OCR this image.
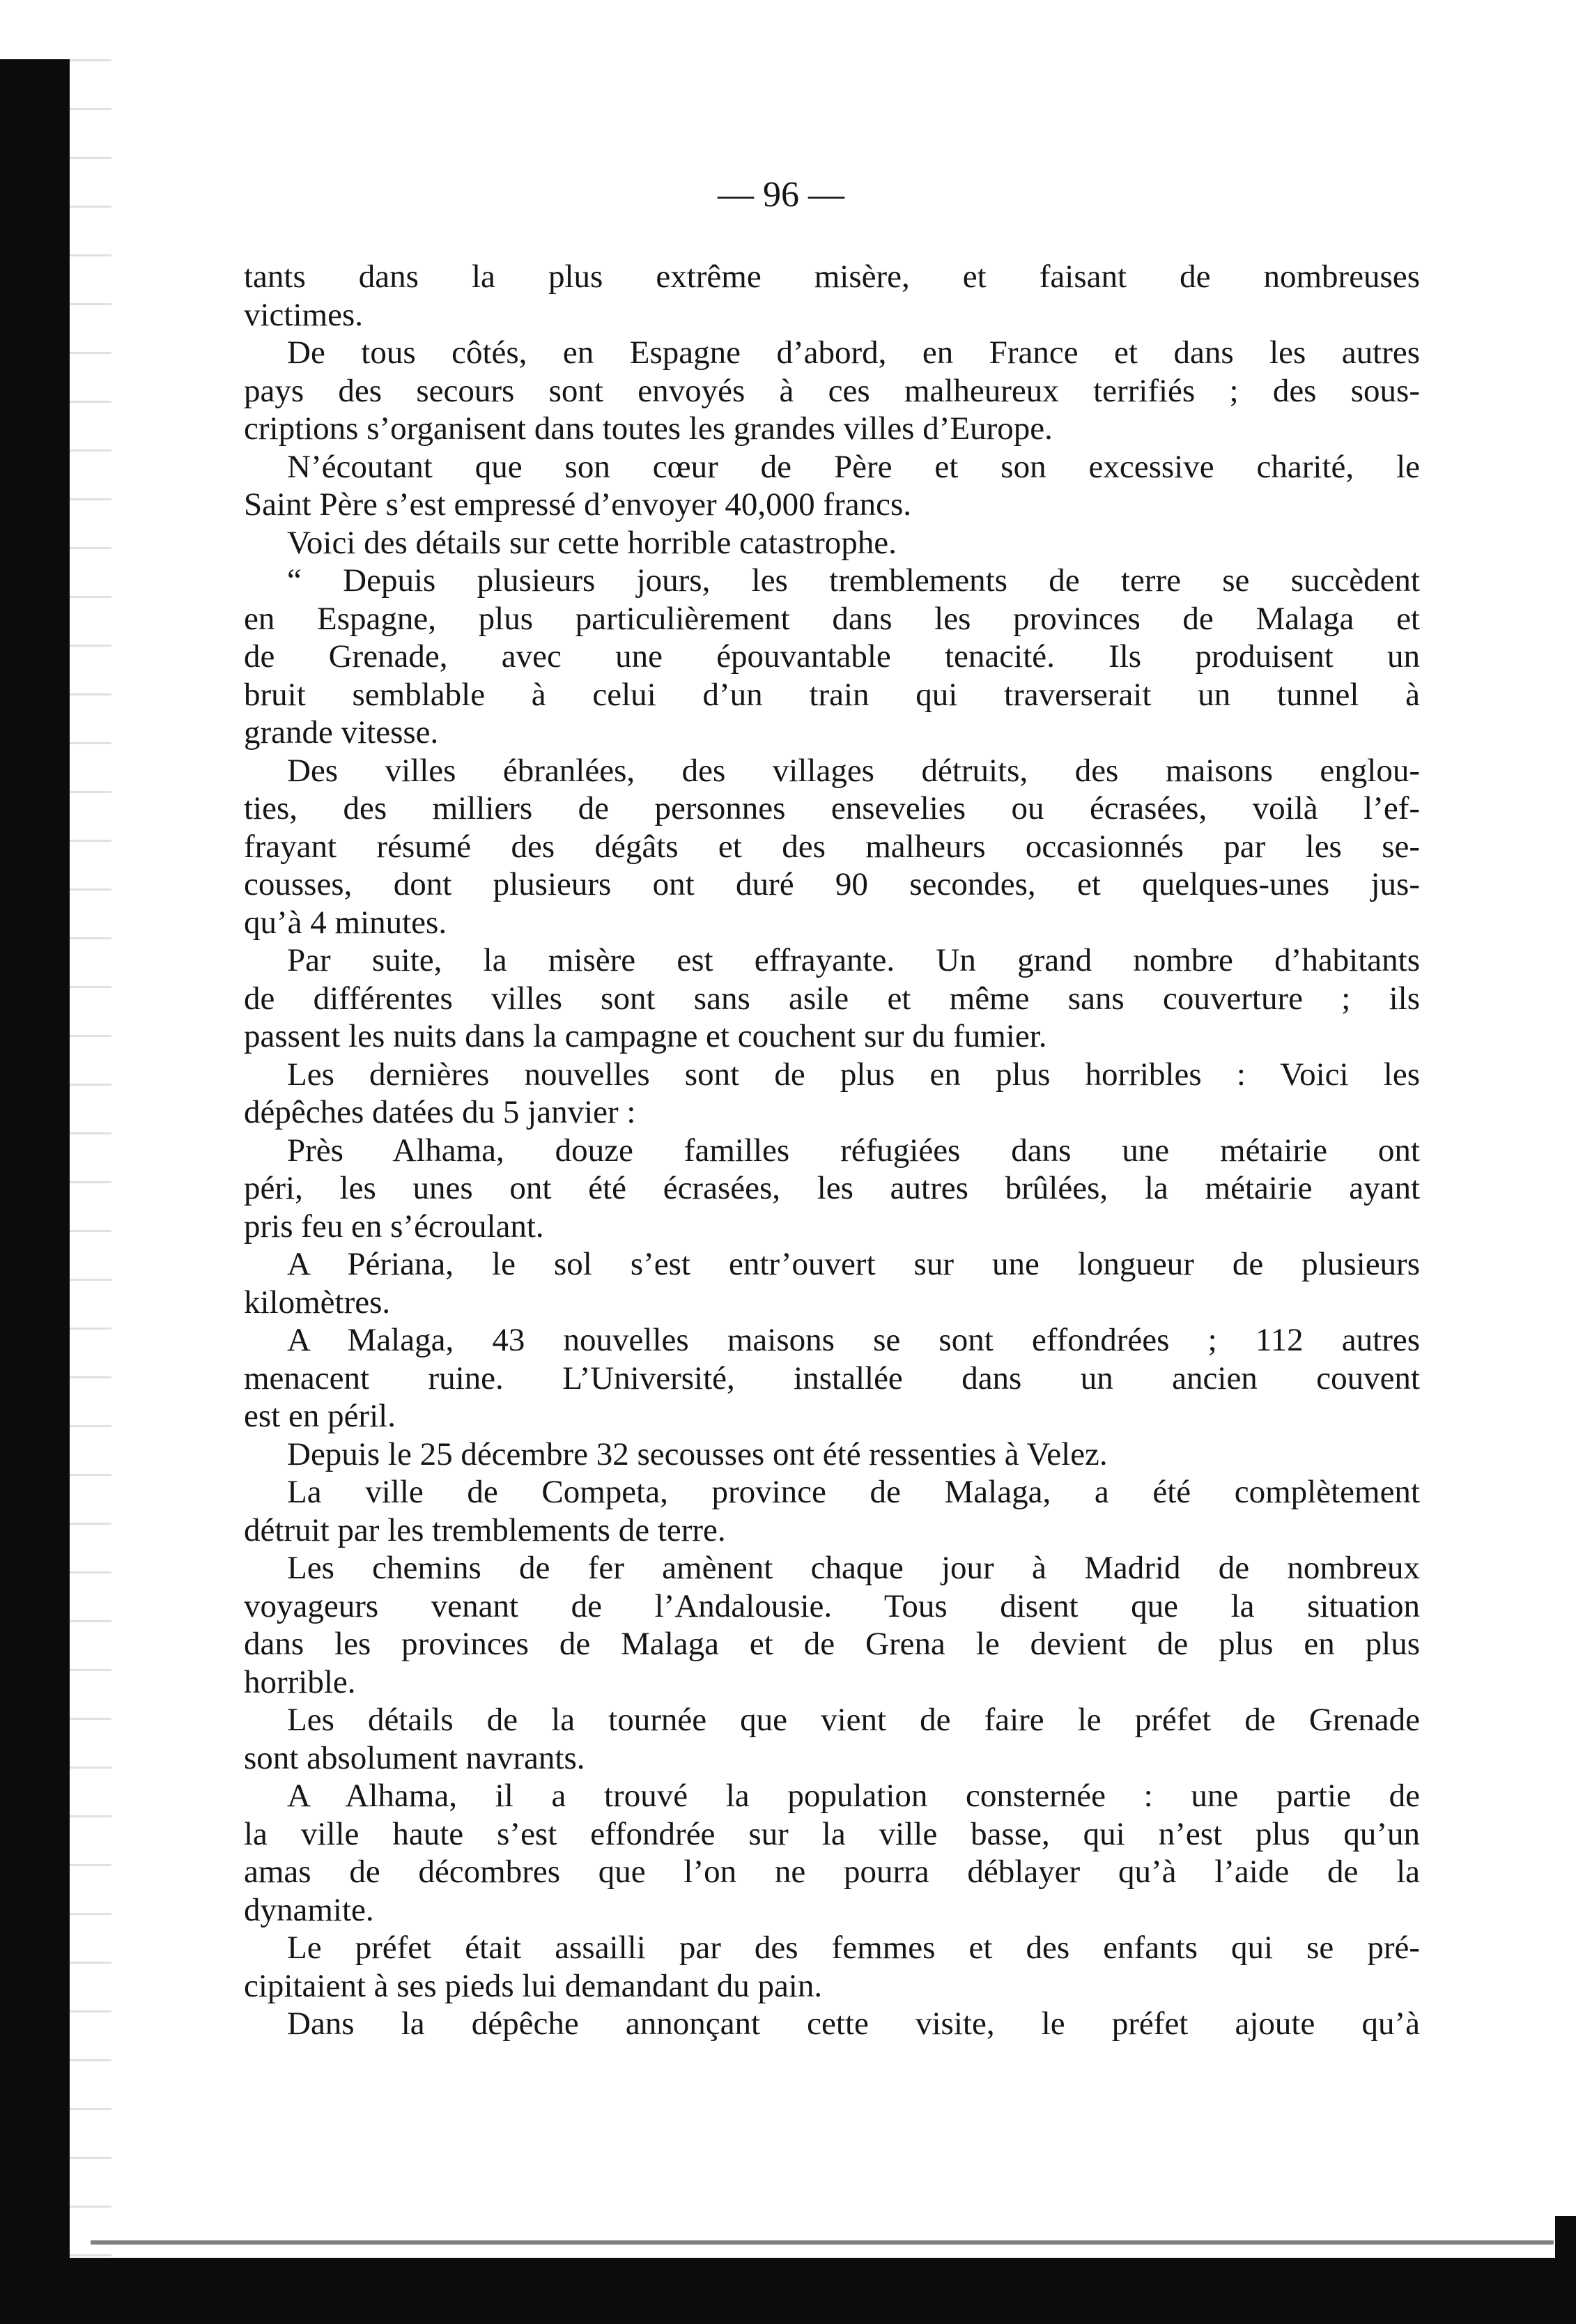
— 96 —
tants dans la plus extrême misère, et faisant de nombreuses
victimes.
De tous côtés, en Espagne d’abord, en France et dans les autres
pays des secours sont envoyés à ces malheureux terrifiés ; des sous-
criptions s’organisent dans toutes les grandes villes d’Europe.
N’écoutant que son cœur de Père et son excessive charité, le
Saint Père s’est empressé d’envoyer 40,000 francs.
Voici des détails sur cette horrible catastrophe.
“ Depuis plusieurs jours, les tremblements de terre se succèdent
en Espagne, plus particulièrement dans les provinces de Malaga et
de Grenade, avec une épouvantable tenacité. Ils produisent un
bruit semblable à celui d’un train qui traverserait un tunnel à
grande vitesse.
Des villes ébranlées, des villages détruits, des maisons englou-
ties, des milliers de personnes ensevelies ou écrasées, voilà l’ef-
frayant résumé des dégâts et des malheurs occasionnés par les se-
cousses, dont plusieurs ont duré 90 secondes, et quelques-unes jus-
qu’à 4 minutes.
Par suite, la misère est effrayante. Un grand nombre d’habitants
de différentes villes sont sans asile et même sans couverture ; ils
passent les nuits dans la campagne et couchent sur du fumier.
Les dernières nouvelles sont de plus en plus horribles : Voici les
dépêches datées du 5 janvier :
Près Alhama, douze familles réfugiées dans une métairie ont
péri, les unes ont été écrasées, les autres brûlées, la métairie ayant
pris feu en s’écroulant.
A Périana, le sol s’est entr’ouvert sur une longueur de plusieurs
kilomètres.
A Malaga, 43 nouvelles maisons se sont effondrées ; 112 autres
menacent ruine. L’Université, installée dans un ancien couvent
est en péril.
Depuis le 25 décembre 32 secousses ont été ressenties à Velez.
La ville de Competa, province de Malaga, a été complètement
détruit par les tremblements de terre.
Les chemins de fer amènent chaque jour à Madrid de nombreux
voyageurs venant de l’Andalousie. Tous disent que la situation
dans les provinces de Malaga et de Grena le devient de plus en plus
horrible.
Les détails de la tournée que vient de faire le préfet de Grenade
sont absolument navrants.
A Alhama, il a trouvé la population consternée : une partie de
la ville haute s’est effondrée sur la ville basse, qui n’est plus qu’un
amas de décombres que l’on ne pourra déblayer qu’à l’aide de la
dynamite.
Le préfet était assailli par des femmes et des enfants qui se pré-
cipitaient à ses pieds lui demandant du pain.
Dans la dépêche annonçant cette visite, le préfet ajoute qu’à
